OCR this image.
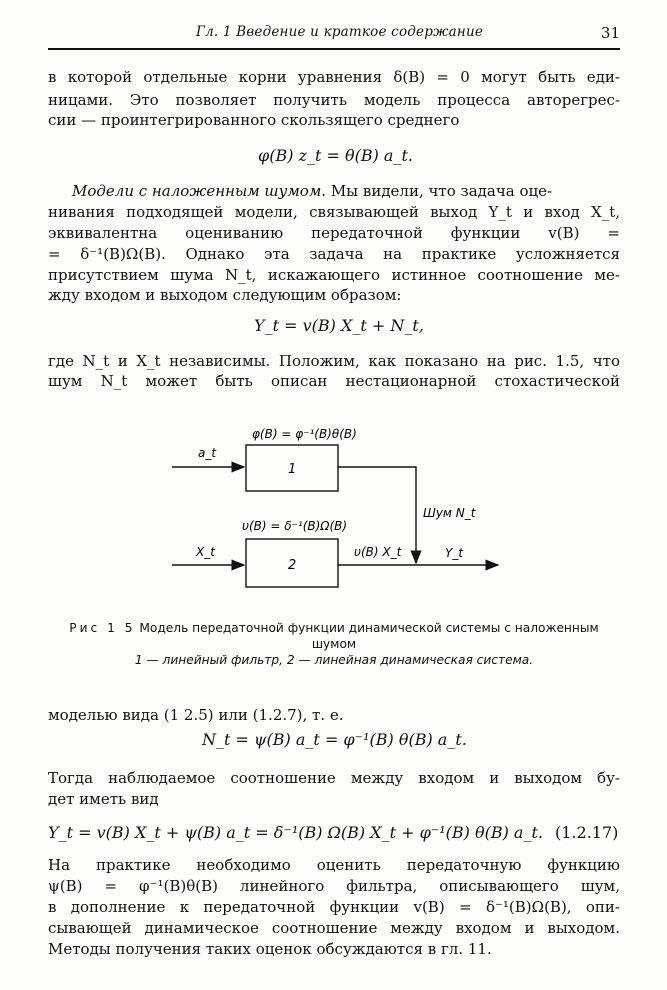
Гл. 1 Введение и краткое содержание	31
в которой отдельные корни уравнения δ(B) = 0 могут быть еди-
ницами. Это позволяет получить модель процесса авторегрес-
сии — проинтегрированного скользящего среднего
φ(B) z_t = θ(B) a_t.
Модели с наложенным шумом. Мы видели, что задача оце-
нивания подходящей модели, связывающей выход Y_t и вход X_t,
эквивалентна оцениванию передаточной функции v(B) =
= δ⁻¹(B)Ω(B). Однако эта задача на практике усложняется
присутствием шума N_t, искажающего истинное соотношение ме-
жду входом и выходом следующим образом:
Y_t = v(B) X_t + N_t,
где N_t и X_t независимы. Положим, как показано на рис. 1.5, что
шум N_t может быть описан нестационарной стохастической
φ(B) = φ⁻¹(B)θ(B)
υ(B) = δ⁻¹(B)Ω(B)
1
2
a_t
X_t
Шум N_t
υ(B) X_t	Y_t
Рис 1 5 Модель передаточной функции динамической системы с наложенным
шумом
1 — линейный фильтр, 2 — линейная динамическая система.
моделью вида (1 2.5) или (1.2.7), т. е.
N_t = ψ(B) a_t = φ⁻¹(B) θ(B) a_t.
Тогда наблюдаемое соотношение между входом и выходом бу-
дет иметь вид
Y_t = v(B) X_t + ψ(B) a_t = δ⁻¹(B) Ω(B) X_t + φ⁻¹(B) θ(B) a_t. (1.2.17)
На практике необходимо оценить передаточную функцию
ψ(B) = φ⁻¹(B)θ(B) линейного фильтра, описывающего шум,
в дополнение к передаточной функции v(B) = δ⁻¹(B)Ω(B), опи-
сывающей динамическое соотношение между входом и выходом.
Методы получения таких оценок обсуждаются в гл. 11.
